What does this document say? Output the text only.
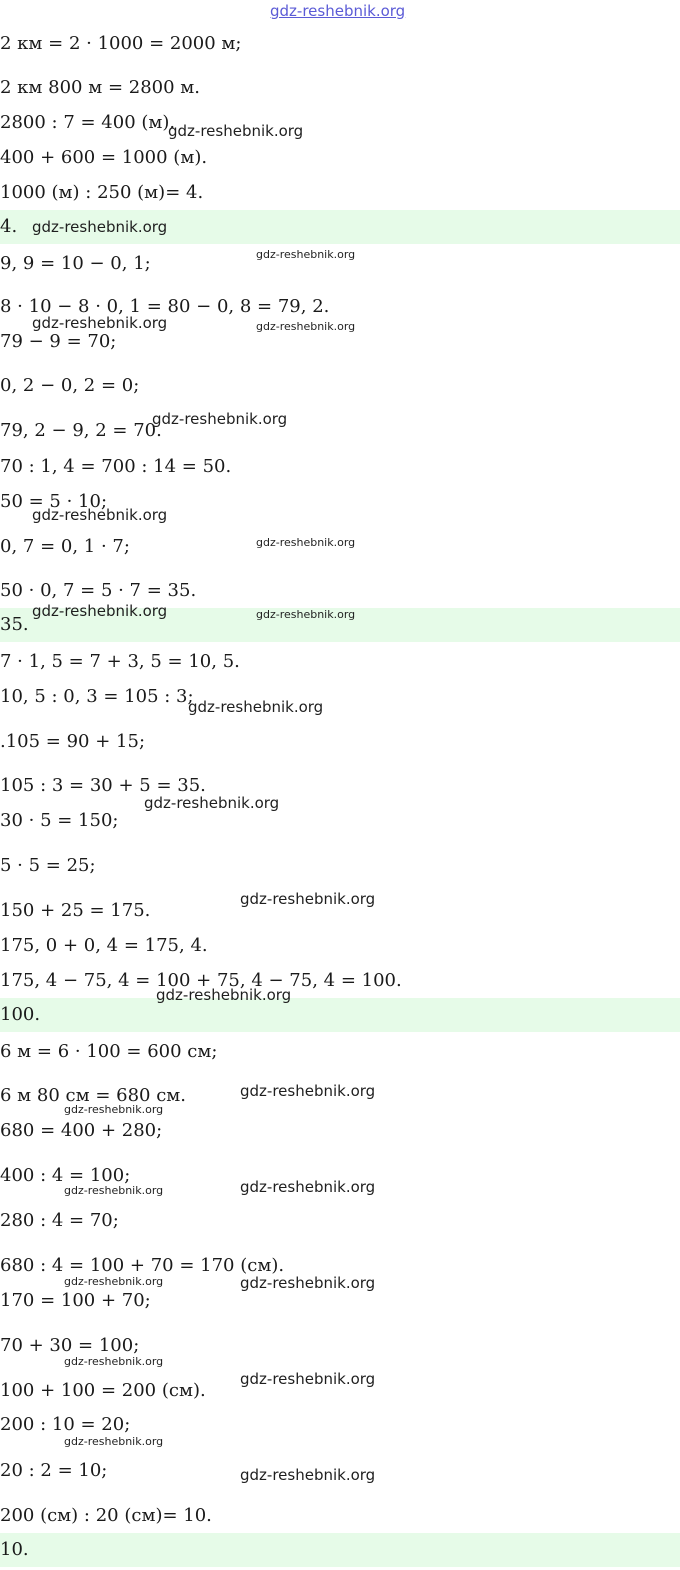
gdz-reshebnik.org
2 км = 2 · 1000 = 2000 м;
2 км 800 м = 2800 м.
2800 : 7 = 400 (м).
400 + 600 = 1000 (м).
1000 (м) : 250 (м)= 4.
4.
9, 9 = 10 − 0, 1;
8 · 10 − 8 · 0, 1 = 80 − 0, 8 = 79, 2.
79 − 9 = 70;
0, 2 − 0, 2 = 0;
79, 2 − 9, 2 = 70.
70 : 1, 4 = 700 : 14 = 50.
50 = 5 · 10;
0, 7 = 0, 1 · 7;
50 · 0, 7 = 5 · 7 = 35.
35.
7 · 1, 5 = 7 + 3, 5 = 10, 5.
10, 5 : 0, 3 = 105 : 3;
.105 = 90 + 15;
105 : 3 = 30 + 5 = 35.
30 · 5 = 150;
5 · 5 = 25;
150 + 25 = 175.
175, 0 + 0, 4 = 175, 4.
175, 4 − 75, 4 = 100 + 75, 4 − 75, 4 = 100.
100.
6 м = 6 · 100 = 600 см;
6 м 80 см = 680 см.
680 = 400 + 280;
400 : 4 = 100;
280 : 4 = 70;
680 : 4 = 100 + 70 = 170 (см).
170 = 100 + 70;
70 + 30 = 100;
100 + 100 = 200 (см).
200 : 10 = 20;
20 : 2 = 10;
200 (см) : 20 (см)= 10.
10.
gdz-reshebnik.org
gdz-reshebnik.org
gdz-reshebnik.org
gdz-reshebnik.org	gdz-reshebnik.org
gdz-reshebnik.org
gdz-reshebnik.org
gdz-reshebnik.org
gdz-reshebnik.org	gdz-reshebnik.org
gdz-reshebnik.org
gdz-reshebnik.org
gdz-reshebnik.org
gdz-reshebnik.org
gdz-reshebnik.org
gdz-reshebnik.org
gdz-reshebnik.org
gdz-reshebnik.org
gdz-reshebnik.org
gdz-reshebnik.org
gdz-reshebnik.org
gdz-reshebnik.org
gdz-reshebnik.org
gdz-reshebnik.org
